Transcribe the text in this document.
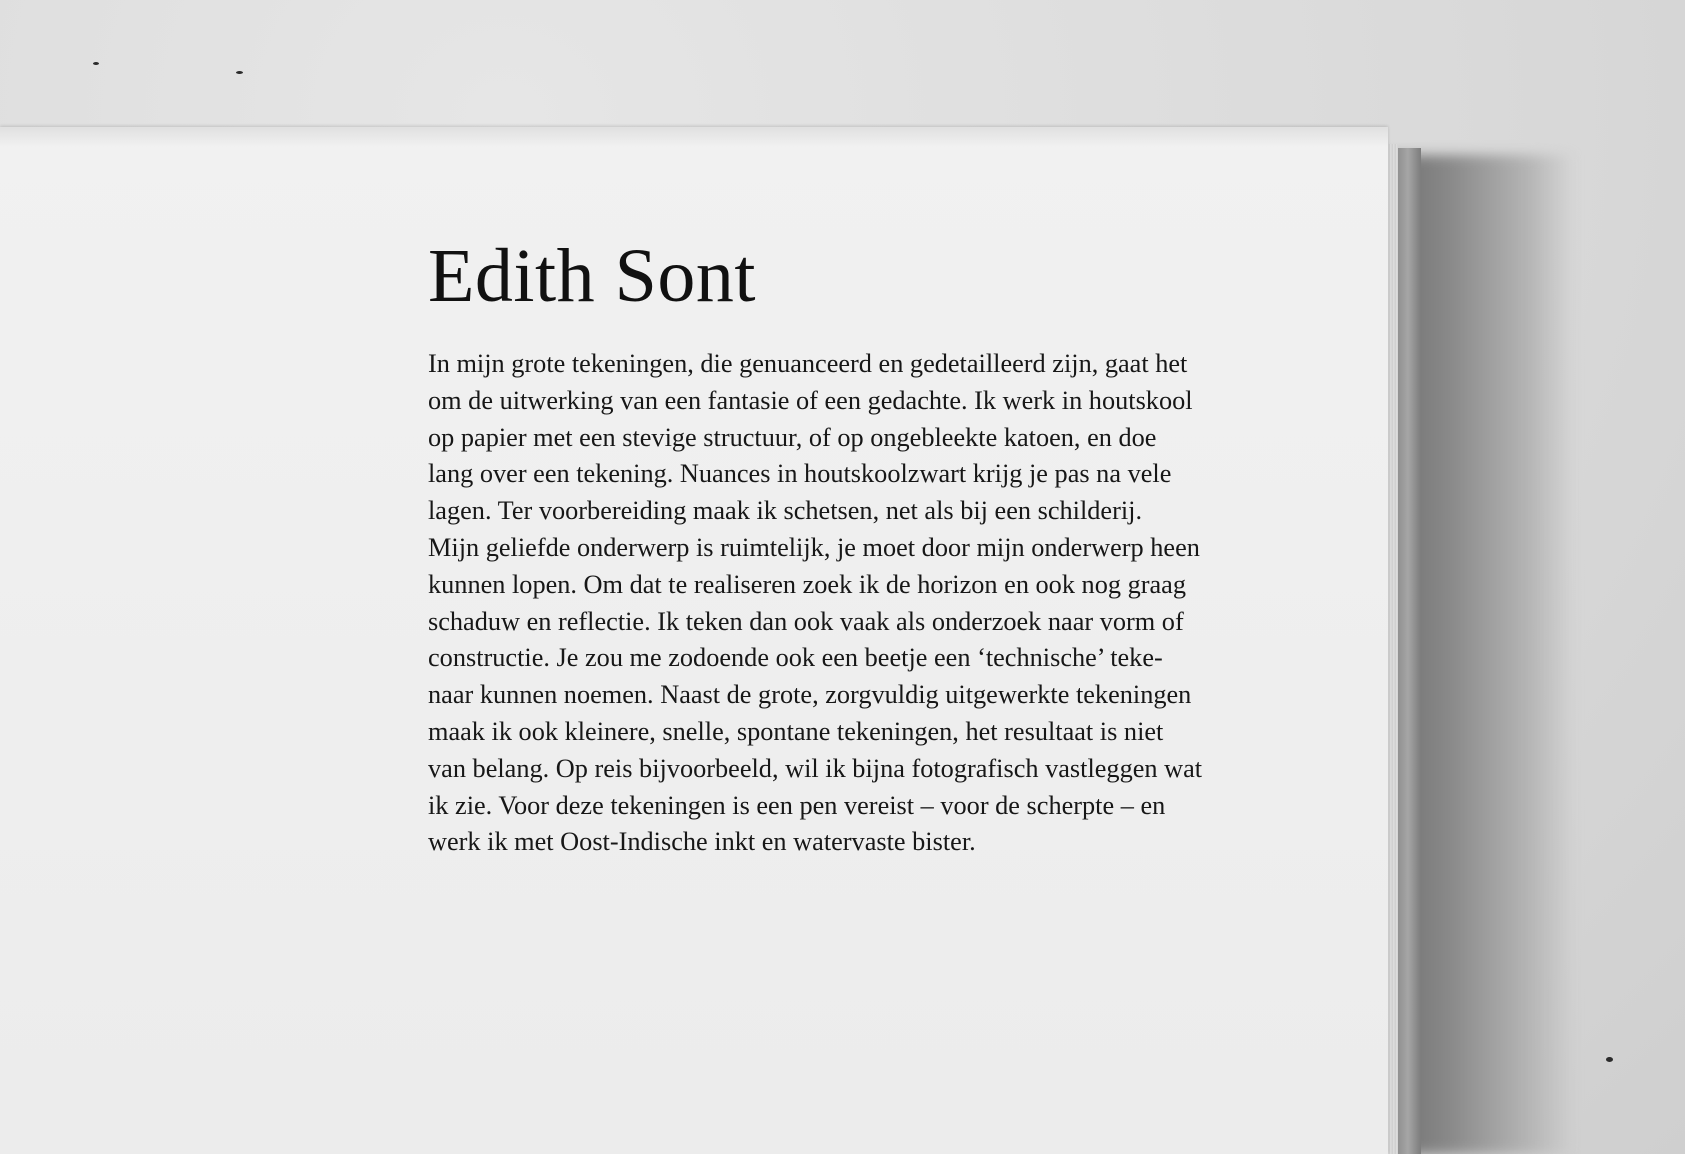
Edith Sont
In mijn grote tekeningen, die genuanceerd en gedetailleerd zijn, gaat het
om de uitwerking van een fantasie of een gedachte. Ik werk in houtskool
op papier met een stevige structuur, of op ongebleekte katoen, en doe
lang over een tekening. Nuances in houtskoolzwart krijg je pas na vele
lagen. Ter voorbereiding maak ik schetsen, net als bij een schilderij.
Mijn geliefde onderwerp is ruimtelijk, je moet door mijn onderwerp heen
kunnen lopen. Om dat te realiseren zoek ik de horizon en ook nog graag
schaduw en reflectie. Ik teken dan ook vaak als onderzoek naar vorm of
constructie. Je zou me zodoende ook een beetje een ‘technische’ teke-
naar kunnen noemen. Naast de grote, zorgvuldig uitgewerkte tekeningen
maak ik ook kleinere, snelle, spontane tekeningen, het resultaat is niet
van belang. Op reis bijvoorbeeld, wil ik bijna fotografisch vastleggen wat
ik zie. Voor deze tekeningen is een pen vereist – voor de scherpte – en
werk ik met Oost-Indische inkt en watervaste bister.
